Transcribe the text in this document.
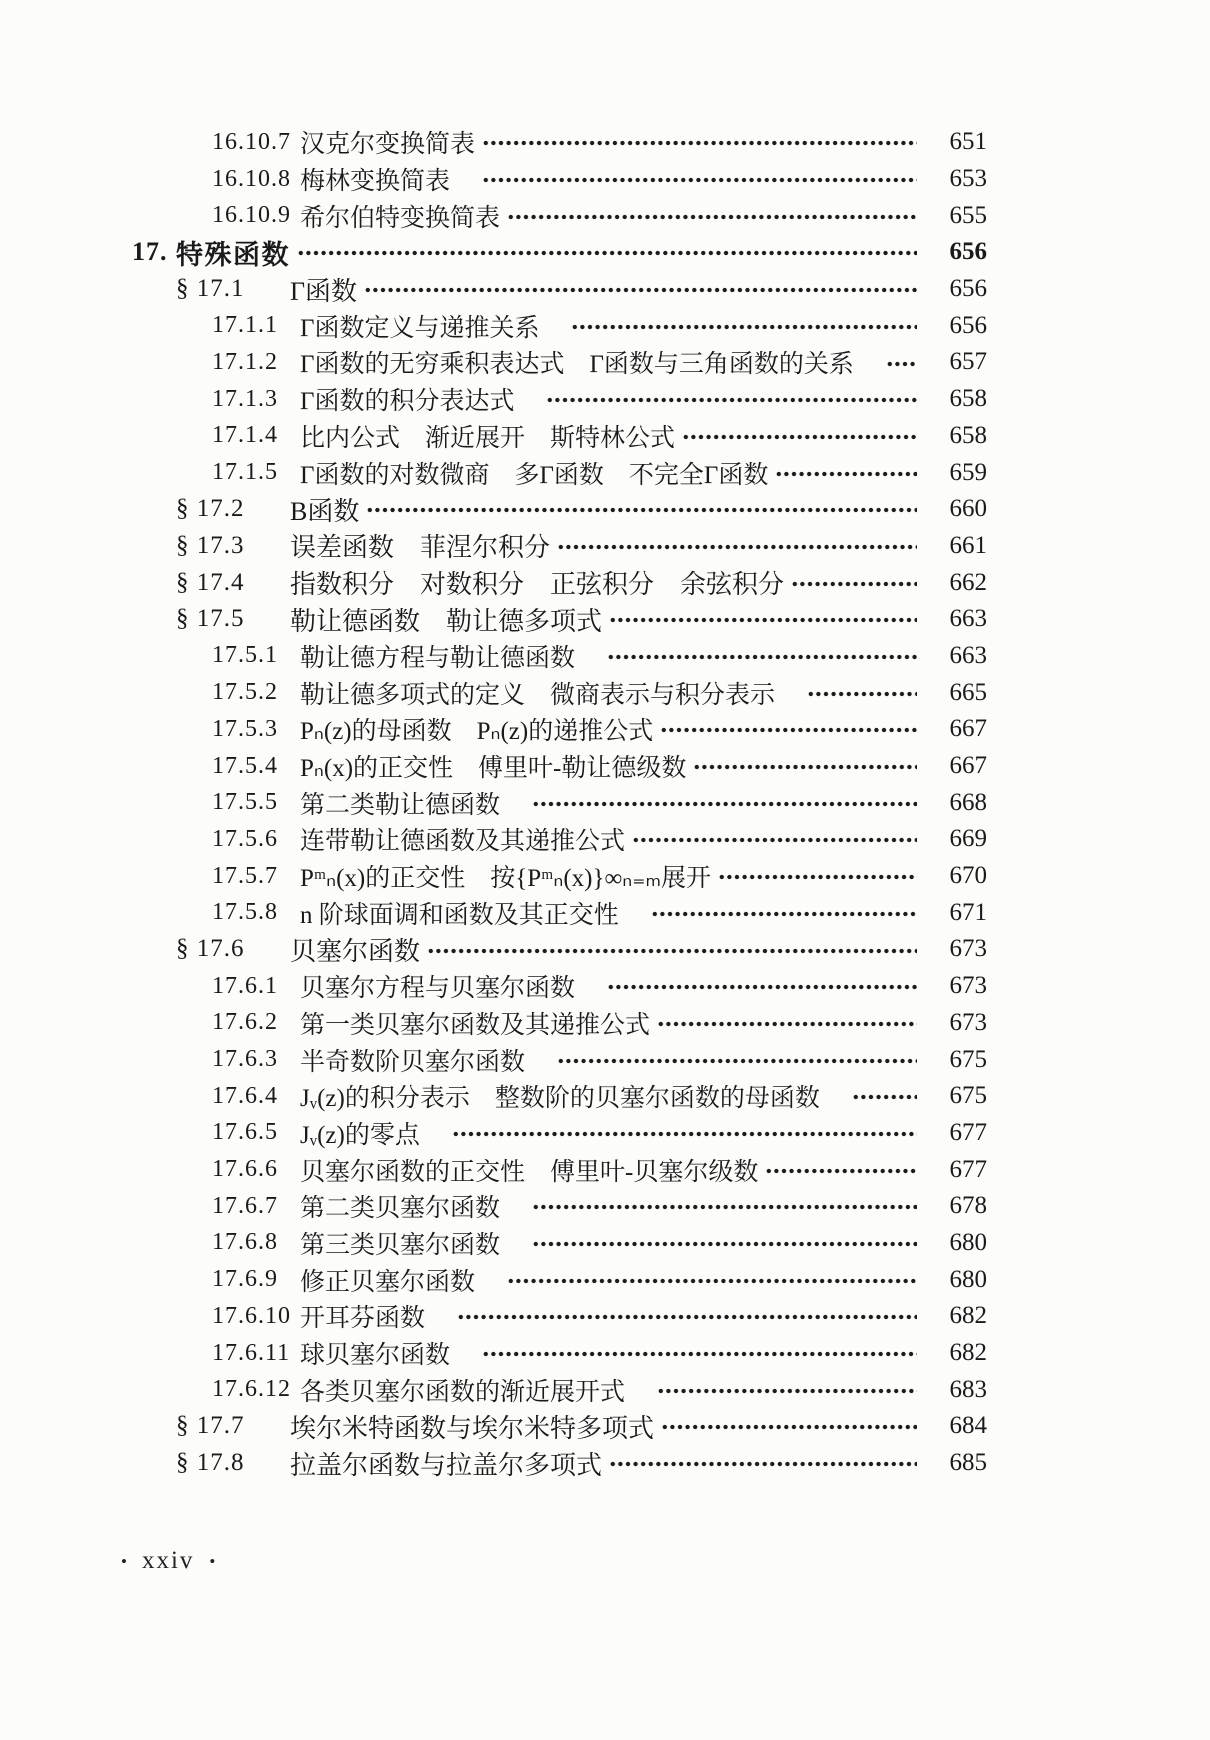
16.10.7 汉克尔变换简表	651
16.10.8 梅林变换简表	653
16.10.9 希尔伯特变换简表	655
17. 特殊函数	656
§ 17.1	Γ函数	656
17.1.1 Γ函数定义与递推关系	656
17.1.2 Γ函数的无穷乘积表达式　Γ函数与三角函数的关系	657
17.1.3 Γ函数的积分表达式	658
17.1.4 比内公式　渐近展开　斯特林公式	658
17.1.5 Γ函数的对数微商　多Γ函数　不完全Γ函数	659
§ 17.2	B函数	660
§ 17.3	误差函数　菲涅尔积分	661
§ 17.4	指数积分　对数积分　正弦积分　余弦积分	662
§ 17.5	勒让德函数　勒让德多项式	663
17.5.1 勒让德方程与勒让德函数	663
17.5.2 勒让德多项式的定义　微商表示与积分表示	665
17.5.3 Pₙ(z)的母函数　Pₙ(z)的递推公式	667
17.5.4 Pₙ(x)的正交性　傅里叶-勒让德级数	667
17.5.5 第二类勒让德函数	668
17.5.6 连带勒让德函数及其递推公式	669
17.5.7 Pᵐₙ(x)的正交性　按{Pᵐₙ(x)}∞ₙ₌ₘ展开	670
17.5.8 n 阶球面调和函数及其正交性	671
§ 17.6	贝塞尔函数	673
17.6.1 贝塞尔方程与贝塞尔函数	673
17.6.2 第一类贝塞尔函数及其递推公式	673
17.6.3 半奇数阶贝塞尔函数	675
17.6.4 Jᵥ(z)的积分表示　整数阶的贝塞尔函数的母函数	675
17.6.5 Jᵥ(z)的零点	677
17.6.6 贝塞尔函数的正交性　傅里叶-贝塞尔级数	677
17.6.7 第二类贝塞尔函数	678
17.6.8 第三类贝塞尔函数	680
17.6.9 修正贝塞尔函数	680
17.6.10 开耳芬函数	682
17.6.11 球贝塞尔函数	682
17.6.12 各类贝塞尔函数的渐近展开式	683
§ 17.7	埃尔米特函数与埃尔米特多项式	684
§ 17.8	拉盖尔函数与拉盖尔多项式	685
• xxiv •
